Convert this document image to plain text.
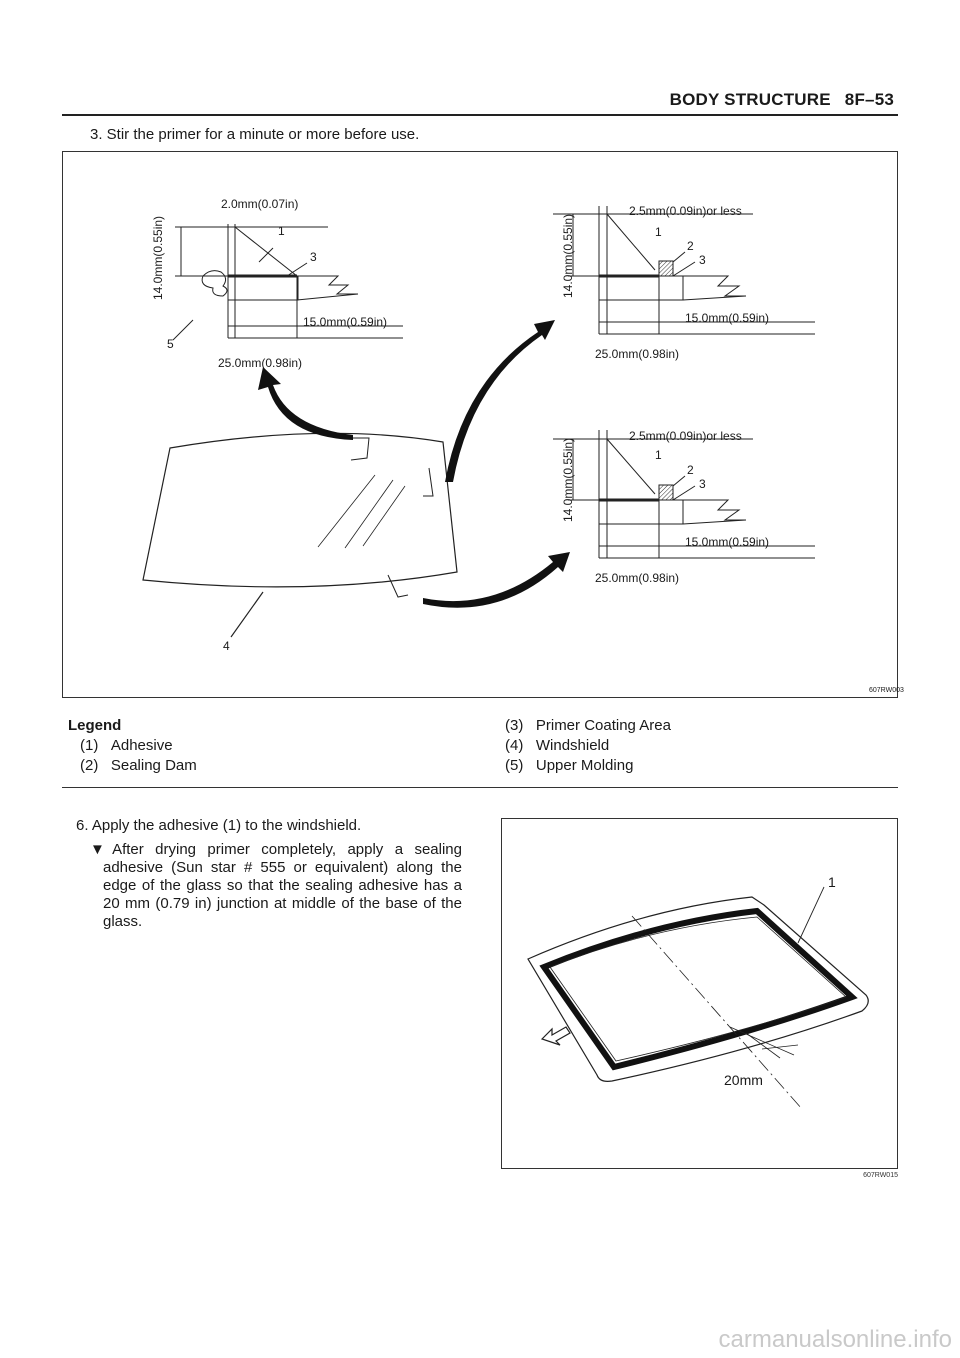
BODY STRUCTURE 8F–53
3. Stir the primer for a minute or more before use.
2.0mm(0.07in)
14.0mm(0.55in)
15.0mm(0.59in)
25.0mm(0.98in)
1
3
5
2.5mm(0.09in)or less
14.0mm(0.55in)
15.0mm(0.59in)
25.0mm(0.98in)
1
2
3
2.5mm(0.09in)or less
14.0mm(0.55in)
15.0mm(0.59in)
25.0mm(0.98in)
1
2
3
4
607RW003
Legend
(1) Adhesive
(2) Sealing Dam
(3) Primer Coating Area
(4) Windshield
(5) Upper Molding
6. Apply the adhesive (1) to the windshield.
▼After drying primer completely, apply a sealing adhesive (Sun star # 555 or equivalent) along the edge of the glass so that the sealing adhesive has a 20 mm (0.79 in) junction at middle of the base of the glass.
1
20mm
607RW015
carmanualsonline.info
